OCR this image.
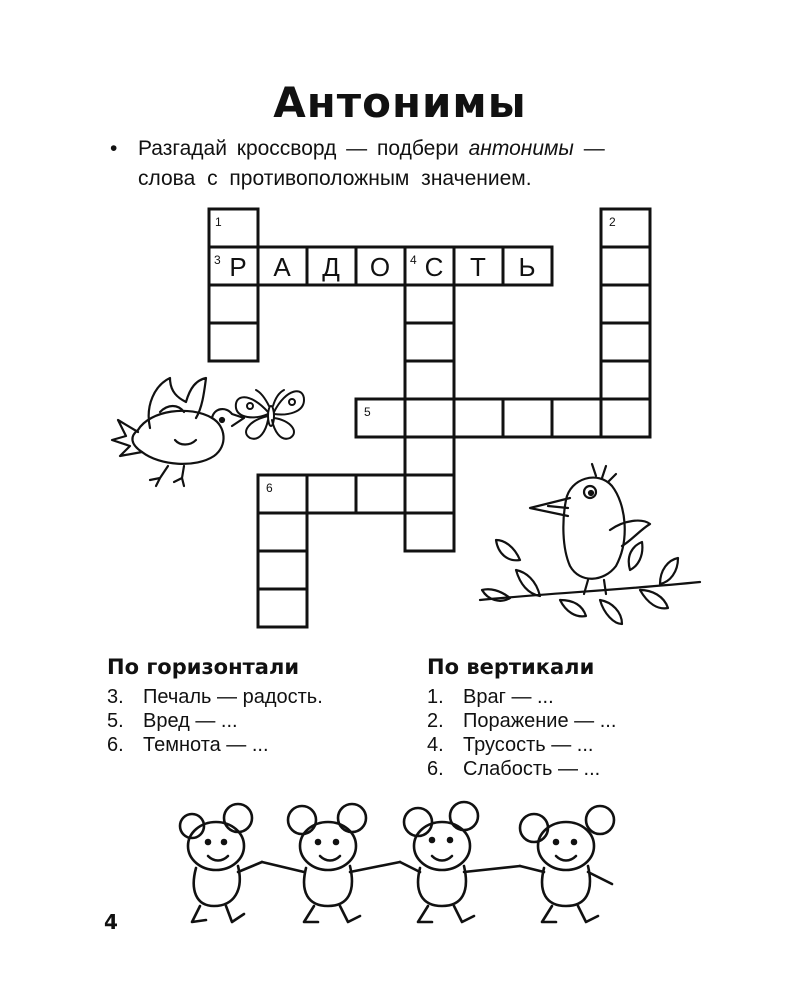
Антонимы
• Разгадай кроссворд — подбери антонимы —
слова с противоположным значением.
1	2
3	4
5
6
Р А Д О С Т Ь
По горизонтали
3. Печаль — радость.
5. Вред — ...
6. Темнота — ...
По вертикали
1. Враг — ...
2. Поражение — ...
4. Трусость — ...
6. Слабость — ...
4
